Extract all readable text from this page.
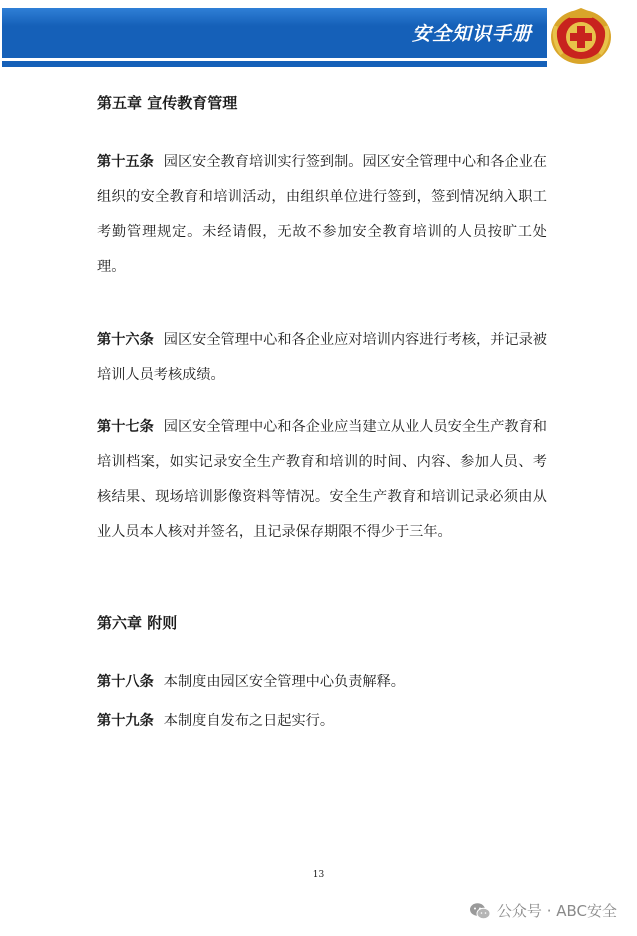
安全知识手册
第五章 宣传教育管理
第十五条 园区安全教育培训实行签到制。园区安全管理中心和各企业在组织的安全教育和培训活动，由组织单位进行签到，签到情况纳入职工考勤管理规定。未经请假，无故不参加安全教育培训的人员按旷工处理。
第十六条 园区安全管理中心和各企业应对培训内容进行考核，并记录被培训人员考核成绩。
第十七条 园区安全管理中心和各企业应当建立从业人员安全生产教育和培训档案，如实记录安全生产教育和培训的时间、内容、参加人员、考核结果、现场培训影像资料等情况。安全生产教育和培训记录必须由从业人员本人核对并签名，且记录保存期限不得少于三年。
第六章 附则
第十八条 本制度由园区安全管理中心负责解释。
第十九条 本制度自发布之日起实行。
13
公众号 · ABC安全
